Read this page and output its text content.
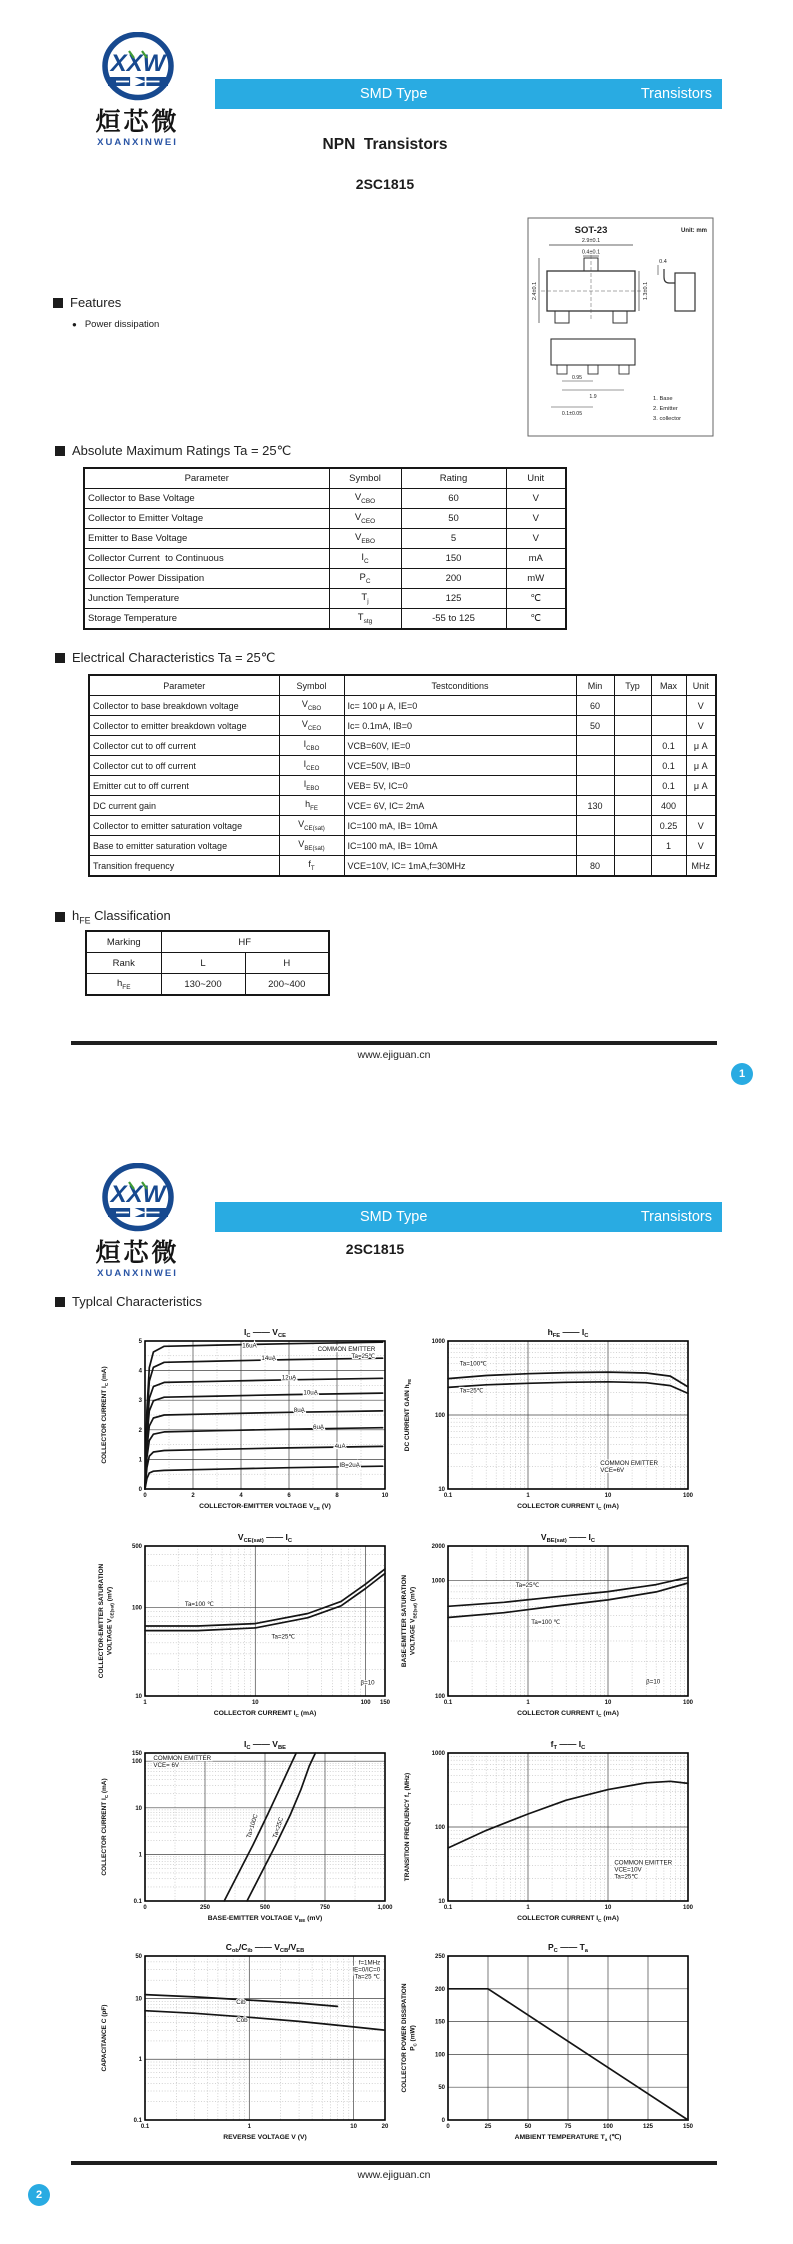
XXW
烜芯微
XUANXINWEI
SMD Type	Transistors
NPN  Transistors
2SC1815
SOT-23	Unit: mm
2.9±0.1
0.4±0.1
2.4±0.1	1.3±0.1
0.4
0.95
1.9
0.1±0.05
1. Base
2. Emitter
3. collector
Features
● Power dissipation
Absolute Maximum Ratings Ta = 25℃
Parameter	Symbol	Rating	Unit
Collector to Base Voltage	$V_{CBO}$	60	V
Collector to Emitter Voltage	$V_{CEO}$	50	V
Emitter to Base Voltage	$V_{EBO}$	5	V
Collector Current  to Continuous	$I_C$	150	mA
Collector Power Dissipation	$P_C$	200	mW
Junction Temperature	$T_j$	125	℃
Storage Temperature	$T_{stg}$	-55 to 125	℃
Electrical Characteristics Ta = 25℃
Parameter	Symbol	Testconditions	Min	Typ	Max	Unit
Collector to base breakdown voltage	$V_{CBO}$	Ic= 100 μ A, IE=0	60			V
Collector to emitter breakdown voltage	$V_{CEO}$	Ic= 0.1mA, IB=0	50			V
Collector cut to off current	$I_{CBO}$	VCB=60V, IE=0			0.1	μ A
Collector cut to off current	$I_{CEO}$	VCE=50V, IB=0			0.1	μ A
Emitter cut to off current	$I_{EBO}$	VEB= 5V, IC=0			0.1	μ A
DC current gain	$h_{FE}$	VCE= 6V, IC= 2mA	130		400	
Collector to emitter saturation voltage	$V_{CE(sat)}$	IC=100 mA, IB= 10mA			0.25	V
Base to emitter saturation voltage	$V_{BE(sat)}$	IC=100 mA, IB= 10mA			1	V
Transition frequency	$f_T$	VCE=10V, IC= 1mA,f=30MHz	80			MHz
$h_{FE}$ Classification
Marking	HF	
Rank	L	H
$h_{FE}$	130~200	200~400
www.ejiguan.cn
1
XXW
烜芯微
XUANXINWEI
SMD Type	Transistors
2SC1815
Typlcal Characteristics
0	2	4	6	8	10
0
1
2
3
4
5
COLLECTOR-EMITTER VOLTAGE $V_{CE}$ (V)
COLLECTOR CURRENT $I_C$ (mA)
$I_C$ —— $V_{CE}$
COMMON EMITTER Ta=25℃
16uA
14uA
12uA
10uA
8uA
6uA
4uA
IB=2uA
0.1	1	10	100
10
100
1000
COLLECTOR CURRENT $I_C$ (mA)
DC CURRENT GAIN $h_{FE}$
$h_{FE}$ —— $I_C$
Ta=100℃
Ta=25℃
COMMON EMITTER VCE=6V
1	10	100 150
10
100
500
COLLECTOR CURREMT $I_C$ (mA)
COLLECTOR-EMITTER SATURATION VOLTAGE $V_{CE(sat)}$ (mV)
$V_{CE(sat)}$ —— $I_C$
Ta=100 ℃
Ta=25℃
β=10
0.1	1	10	100
100
1000
2000
COLLECTOR CURRENT $I_C$ (mA)
BASE-EMITTER SATURATION VOLTAGE $V_{BE(sat)}$ (mV)
$V_{BE(sat)}$ —— $I_C$
Ta=25℃
Ta=100 ℃
β=10
0	250	500	750	1,000
0.1
1
10
100
150
BASE-EMITTER VOLTAGE $V_{BE}$ (mV)
COLLECTOR CURRENT $I_C$ (mA)
$I_C$ —— $V_{BE}$
COMMON EMITTER VCE= 6V
Ta=100C Ta=25C
0.1	1	10	100
10
100
1000
COLLECTOR CURRENT $I_C$ (mA)
TRANSITION FREQUENCY $f_T$ (MHz)
$f_T$ —— $I_C$
COMMON EMITTER VCE=10V Ta=25℃
0.1	1	10	20
0.1
1
10
50
REVERSE VOLTAGE V (V)
CAPACITANCE C (pF)
$C_{ob}/C_{ib}$ —— $V_{CB}/V_{EB}$
f=1MHz IE=0/IC=0 Ta=25 ℃
Cib
Cob
0	25	50	75	100	125	150
0
50
100
150
200
250
AMBIENT TEMPERATURE $T_a$ (℃)
COLLECTOR POWER DISSIPATION $P_C$ (mW)
$P_C$ —— $T_a$
www.ejiguan.cn
2
